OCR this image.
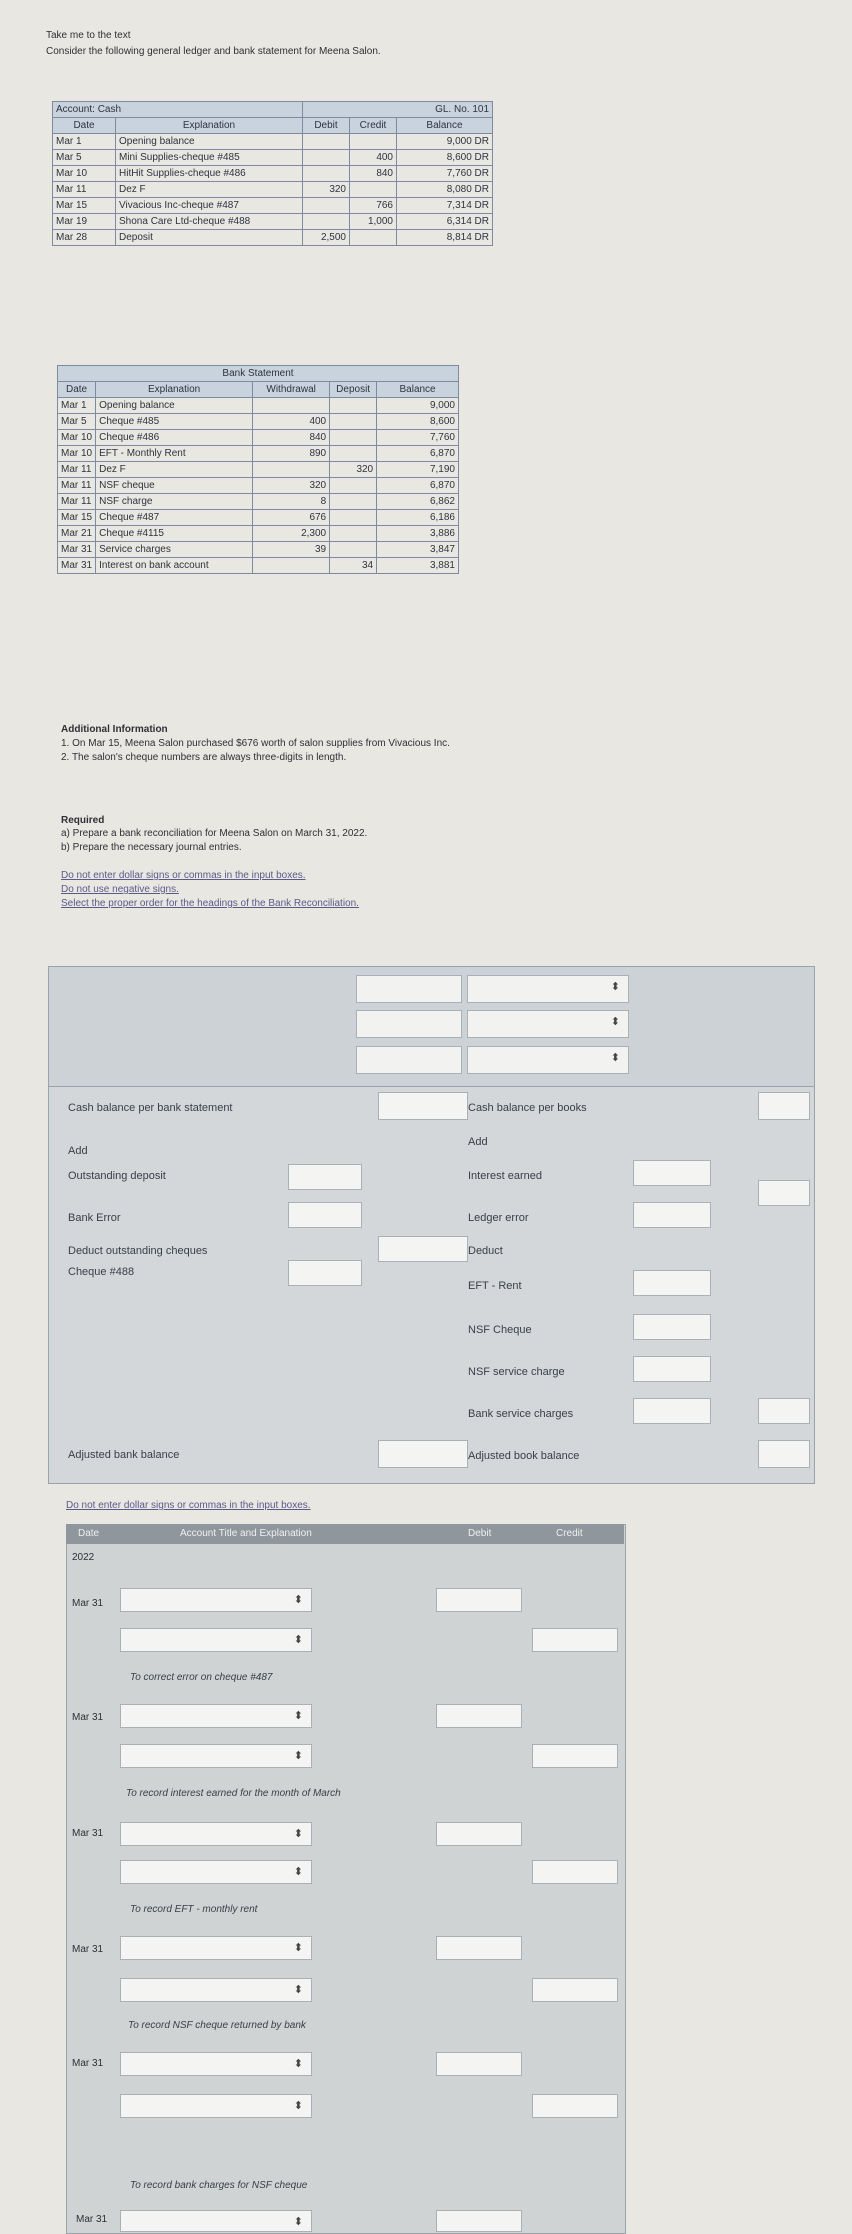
Take me to the text
Consider the following general ledger and bank statement for Meena Salon.
Account: Cash		GL. No. 101		
Date	Explanation	Debit	Credit	Balance
Mar 1	Opening balance			9,000 DR
Mar 5	Mini Supplies-cheque #485		400	8,600 DR
Mar 10	HitHit Supplies-cheque #486		840	7,760 DR
Mar 11	Dez F	320		8,080 DR
Mar 15	Vivacious Inc-cheque #487		766	7,314 DR
Mar 19	Shona Care Ltd-cheque #488		1,000	6,314 DR
Mar 28	Deposit	2,500		8,814 DR
Bank Statement				
Date	Explanation	Withdrawal	Deposit	Balance
Mar 1	Opening balance			9,000
Mar 5	Cheque #485	400		8,600
Mar 10	Cheque #486	840		7,760
Mar 10	EFT - Monthly Rent	890		6,870
Mar 11	Dez F		320	7,190
Mar 11	NSF cheque	320		6,870
Mar 11	NSF charge	8		6,862
Mar 15	Cheque #487	676		6,186
Mar 21	Cheque #4115	2,300		3,886
Mar 31	Service charges	39		3,847
Mar 31	Interest on bank account		34	3,881
Additional Information
1. On Mar 15, Meena Salon purchased $676 worth of salon supplies from Vivacious Inc.
2. The salon's cheque numbers are always three-digits in length.
Required
a) Prepare a bank reconciliation for Meena Salon on March 31, 2022.
b) Prepare the necessary journal entries.
Do not enter dollar signs or commas in the input boxes.
Do not use negative signs.
Select the proper order for the headings of the Bank Reconciliation.
⬍
⬍
⬍
Cash balance per bank statement
Add
Outstanding deposit
Bank Error
Deduct outstanding cheques
Cheque #488
Adjusted bank balance
Cash balance per books
Add
Interest earned
Ledger error
Deduct
EFT - Rent
NSF Cheque
NSF service charge
Bank service charges
Adjusted book balance
Do not enter dollar signs or commas in the input boxes.
Date	Account Title and Explanation	Debit	Credit
2022
Mar 31	⬍
⬍
To correct error on cheque #487
Mar 31	⬍
⬍
To record interest earned for the month of March
Mar 31	⬍
⬍
To record EFT - monthly rent
Mar 31	⬍
⬍
To record NSF cheque returned by bank
Mar 31	⬍
⬍
To record bank charges for NSF cheque
Mar 31	⬍
